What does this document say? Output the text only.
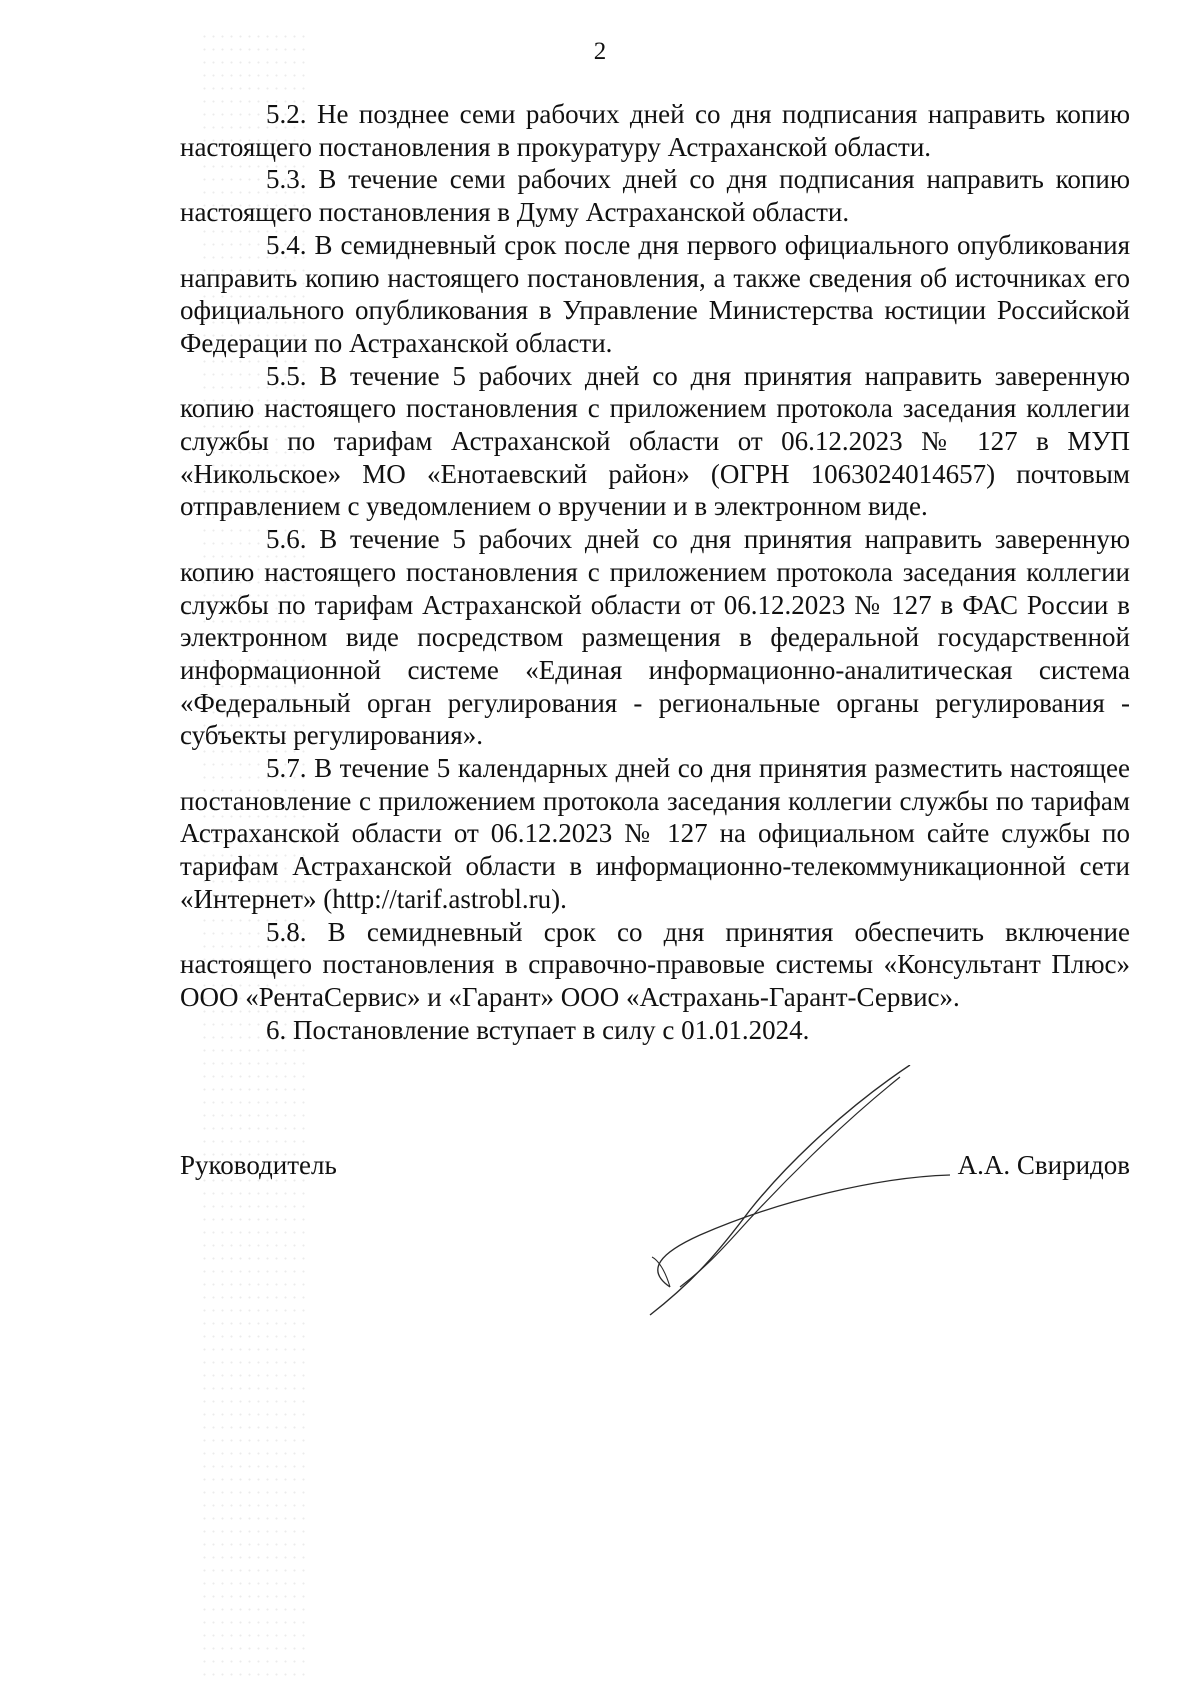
2

5.2. Не позднее семи рабочих дней со дня подписания направить копию настоящего постановления в прокуратуру Астраханской области.

5.3. В течение семи рабочих дней со дня подписания направить копию настоящего постановления в Думу Астраханской области.

5.4. В семидневный срок после дня первого официального опубликования направить копию настоящего постановления, а также сведения об источниках его официального опубликования в Управление Министерства юстиции Российской Федерации по Астраханской области.

5.5. В течение 5 рабочих дней со дня принятия направить заверенную копию настоящего постановления с приложением протокола заседания коллегии службы по тарифам Астраханской области от 06.12.2023 № 127 в МУП «Никольское» МО «Енотаевский район» (ОГРН 1063024014657) почтовым отправлением с уведомлением о вручении и в электронном виде.

5.6. В течение 5 рабочих дней со дня принятия направить заверенную копию настоящего постановления с приложением протокола заседания коллегии службы по тарифам Астраханской области от 06.12.2023 № 127 в ФАС России в электронном виде посредством размещения в федеральной государственной информационной системе «Единая информационно-аналитическая система «Федеральный орган регулирования - региональные органы регулирования - субъекты регулирования».

5.7. В течение 5 календарных дней со дня принятия разместить настоящее постановление с приложением протокола заседания коллегии службы по тарифам Астраханской области от 06.12.2023 № 127 на официальном сайте службы по тарифам Астраханской области в информационно-телекоммуникационной сети «Интернет» (http://tarif.astrobl.ru).

5.8. В семидневный срок со дня принятия обеспечить включение настоящего постановления в справочно-правовые системы «Консультант Плюс» ООО «РентаСервис» и «Гарант» ООО «Астрахань-Гарант-Сервис».

6. Постановление вступает в силу с 01.01.2024.

Руководитель	А.А. Свиридов
